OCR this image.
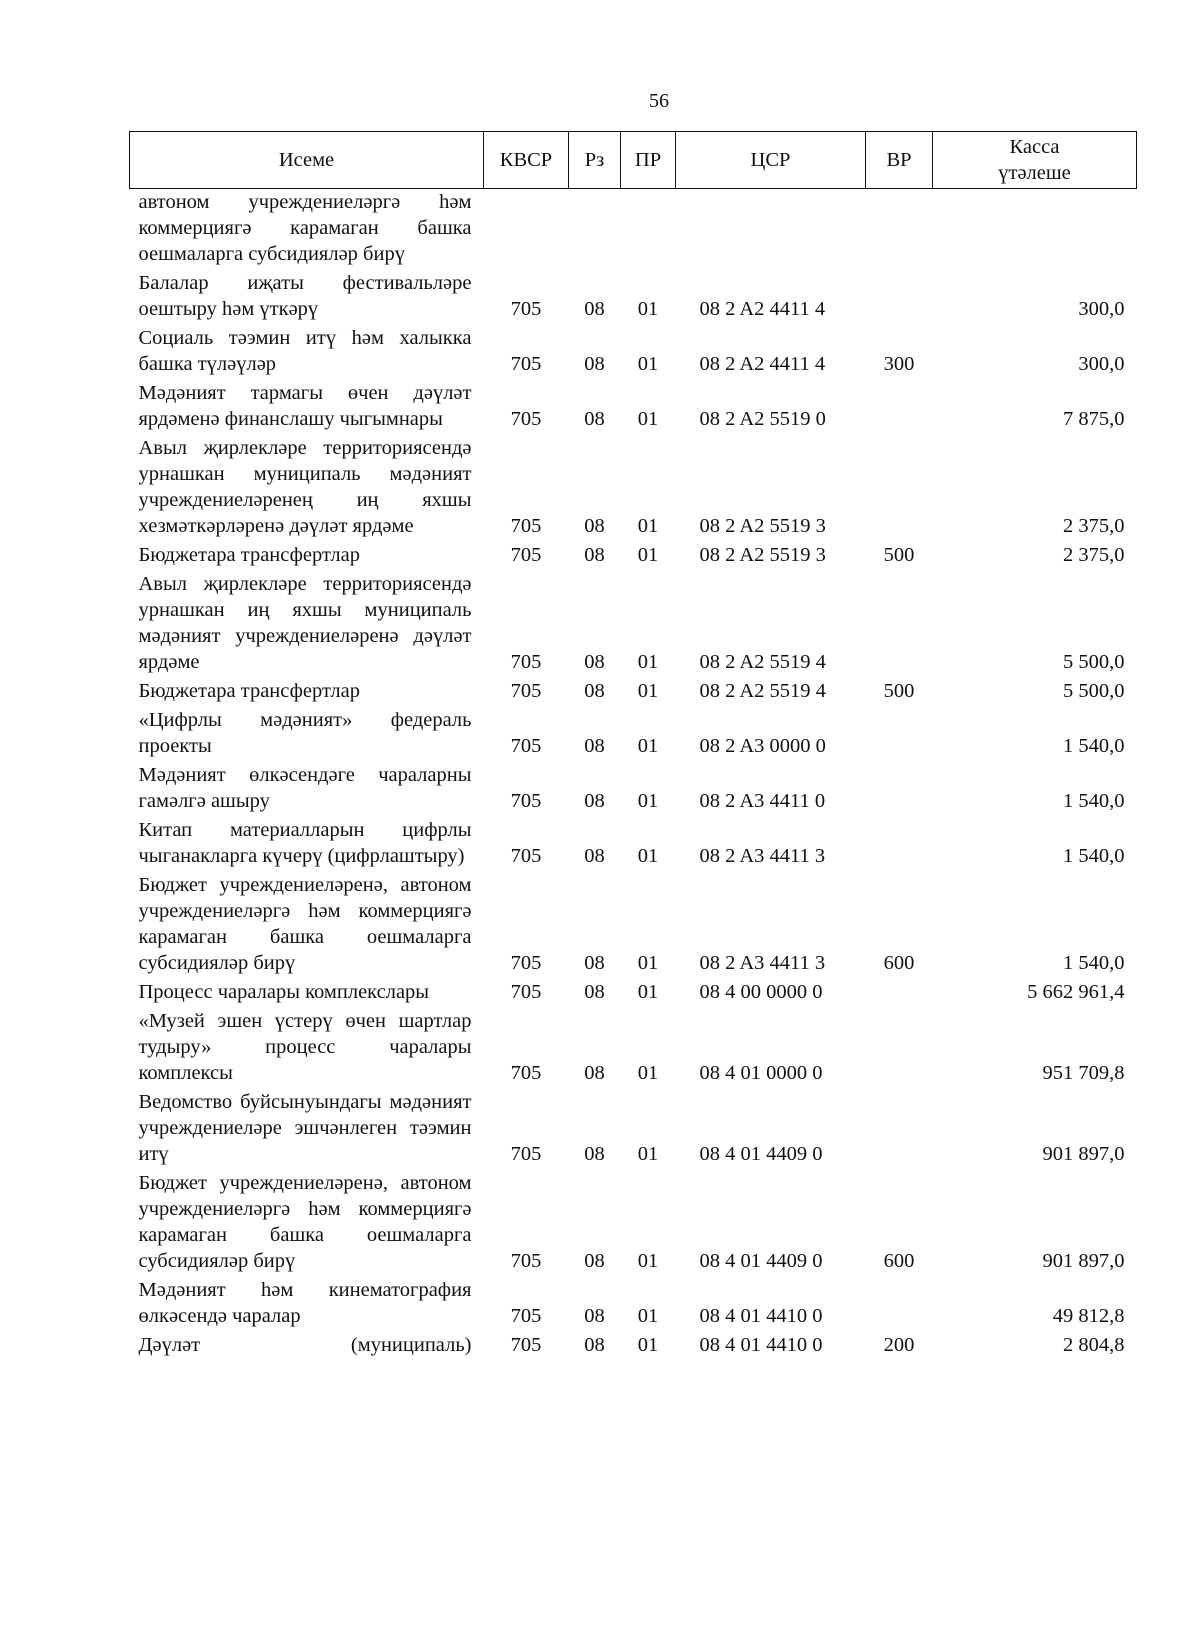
56
Исеме	КВСР	Рз	ПР	ЦСР	ВР	Касса
үтәлеше
автоном учреждениеләргә һәм коммерциягә карамаган башка оешмаларга субсидияләр бирү						
Балалар иҗаты фестивальләре оештыру һәм үткәрү	705	08	01	08 2 A2 4411 4		300,0
Социаль тәэмин итү һәм халыкка башка түләүләр	705	08	01	08 2 A2 4411 4	300	300,0
Мәдәният тармагы өчен дәүләт ярдәменә финанслашу чыгымнары	705	08	01	08 2 A2 5519 0		7 875,0
Авыл җирлекләре территориясендә урнашкан муниципаль мәдәният учреждениеләренең иң яхшы хезмәткәрләренә дәүләт ярдәме	705	08	01	08 2 A2 5519 3		2 375,0
Бюджетара трансфертлар	705	08	01	08 2 A2 5519 3	500	2 375,0
Авыл җирлекләре территориясендә урнашкан иң яхшы муниципаль мәдәният учреждениеләренә дәүләт ярдәме	705	08	01	08 2 A2 5519 4		5 500,0
Бюджетара трансфертлар	705	08	01	08 2 A2 5519 4	500	5 500,0
«Цифрлы мәдәният» федераль проекты	705	08	01	08 2 A3 0000 0		1 540,0
Мәдәният өлкәсендәге чараларны гамәлгә ашыру	705	08	01	08 2 A3 4411 0		1 540,0
Китап материалларын цифрлы чыганакларга күчерү (цифрлаштыру)	705	08	01	08 2 A3 4411 3		1 540,0
Бюджет учреждениеләренә, автоном учреждениеләргә һәм коммерциягә карамаган башка оешмаларга субсидияләр бирү	705	08	01	08 2 A3 4411 3	600	1 540,0
Процесс чаралары комплекслары	705	08	01	08 4 00 0000 0		5 662 961,4
«Музей эшен үстерү өчен шартлар тудыру» процесс чаралары комплексы	705	08	01	08 4 01 0000 0		951 709,8
Ведомство буйсынуындагы мәдәният учреждениеләре эшчәнлеген тәэмин итү	705	08	01	08 4 01 4409 0		901 897,0
Бюджет учреждениеләренә, автоном учреждениеләргә һәм коммерциягә карамаган башка оешмаларга субсидияләр бирү	705	08	01	08 4 01 4409 0	600	901 897,0
Мәдәният һәм кинематография өлкәсендә чаралар	705	08	01	08 4 01 4410 0		49 812,8
Дәүләт (муниципаль)	705	08	01	08 4 01 4410 0	200	2 804,8
